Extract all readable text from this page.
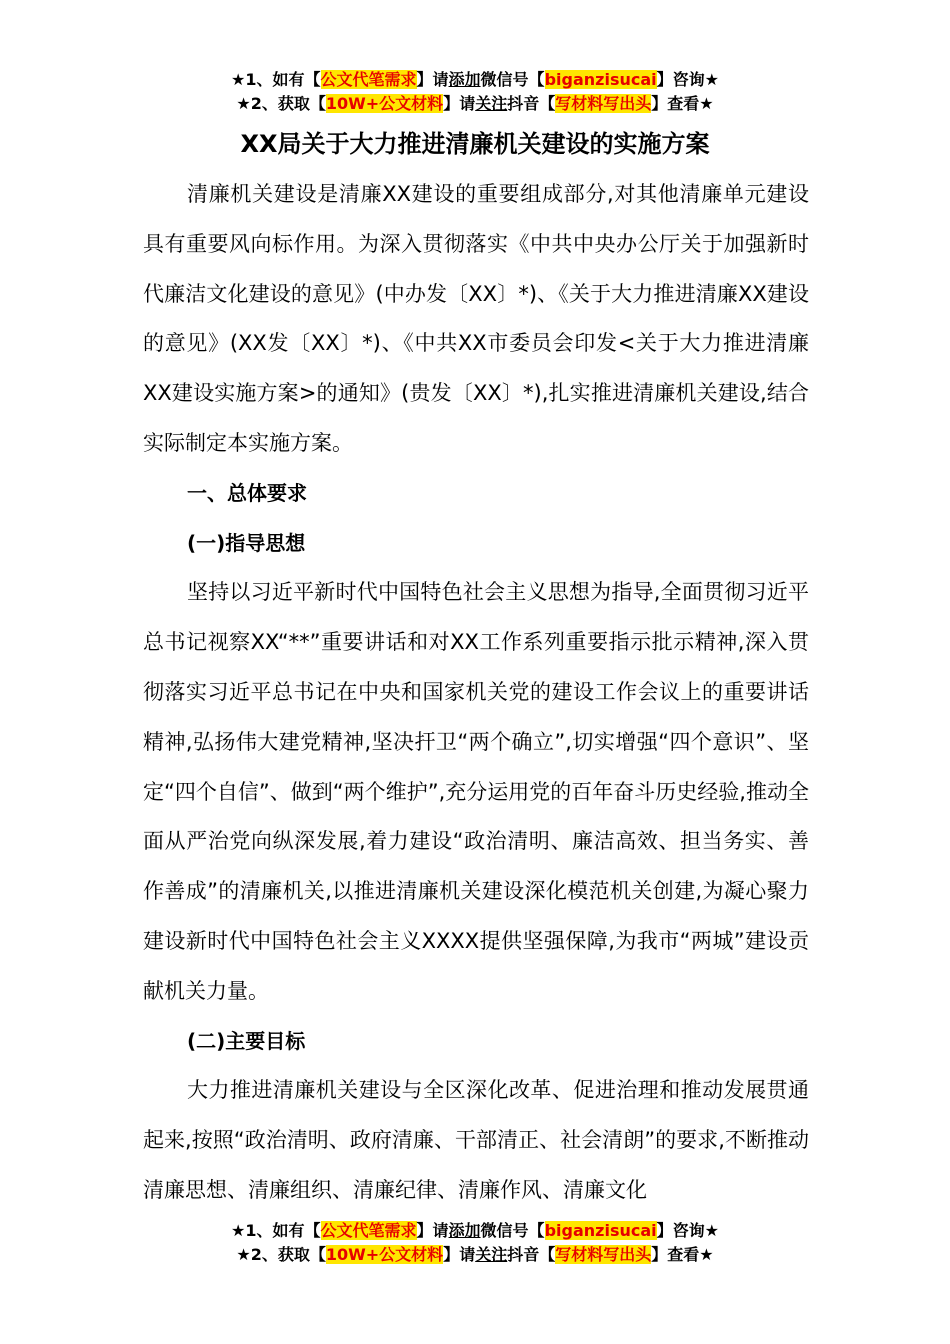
★1、如有【公文代笔需求】请添加微信号【biganzisucai】咨询★
★2、获取【10W+公文材料】请关注抖音【写材料写出头】查看★
XX局关于大力推进清廉机关建设的实施方案

清廉机关建设是清廉XX建设的重要组成部分,对其他清廉单元建设具有重要风向标作用。为深入贯彻落实《中共中央办公厅关于加强新时代廉洁文化建设的意见》(中办发〔XX〕*)、《关于大力推进清廉XX建设的意见》(XX发〔XX〕*)、《中共XX市委员会印发<关于大力推进清廉XX建设实施方案>的通知》(贵发〔XX〕*),扎实推进清廉机关建设,结合实际制定本实施方案。

一、总体要求
(一)指导思想

坚持以习近平新时代中国特色社会主义思想为指导,全面贯彻习近平总书记视察XX“**”重要讲话和对XX工作系列重要指示批示精神,深入贯彻落实习近平总书记在中央和国家机关党的建设工作会议上的重要讲话精神,弘扬伟大建党精神,坚决扞卫“两个确立”,切实增强“四个意识”、坚定“四个自信”、做到“两个维护”,充分运用党的百年奋斗历史经验,推动全面从严治党向纵深发展,着力建设“政治清明、廉洁高效、担当务实、善作善成”的清廉机关,以推进清廉机关建设深化模范机关创建,为凝心聚力建设新时代中国特色社会主义XXXX提供坚强保障,为我市“两城”建设贡献机关力量。

(二)主要目标

大力推进清廉机关建设与全区深化改革、促进治理和推动发展贯通起来,按照“政治清明、政府清廉、干部清正、社会清朗”的要求,不断推动清廉思想、清廉组织、清廉纪律、清廉作风、清廉文化

★1、如有【公文代笔需求】请添加微信号【biganzisucai】咨询★
★2、获取【10W+公文材料】请关注抖音【写材料写出头】查看★
